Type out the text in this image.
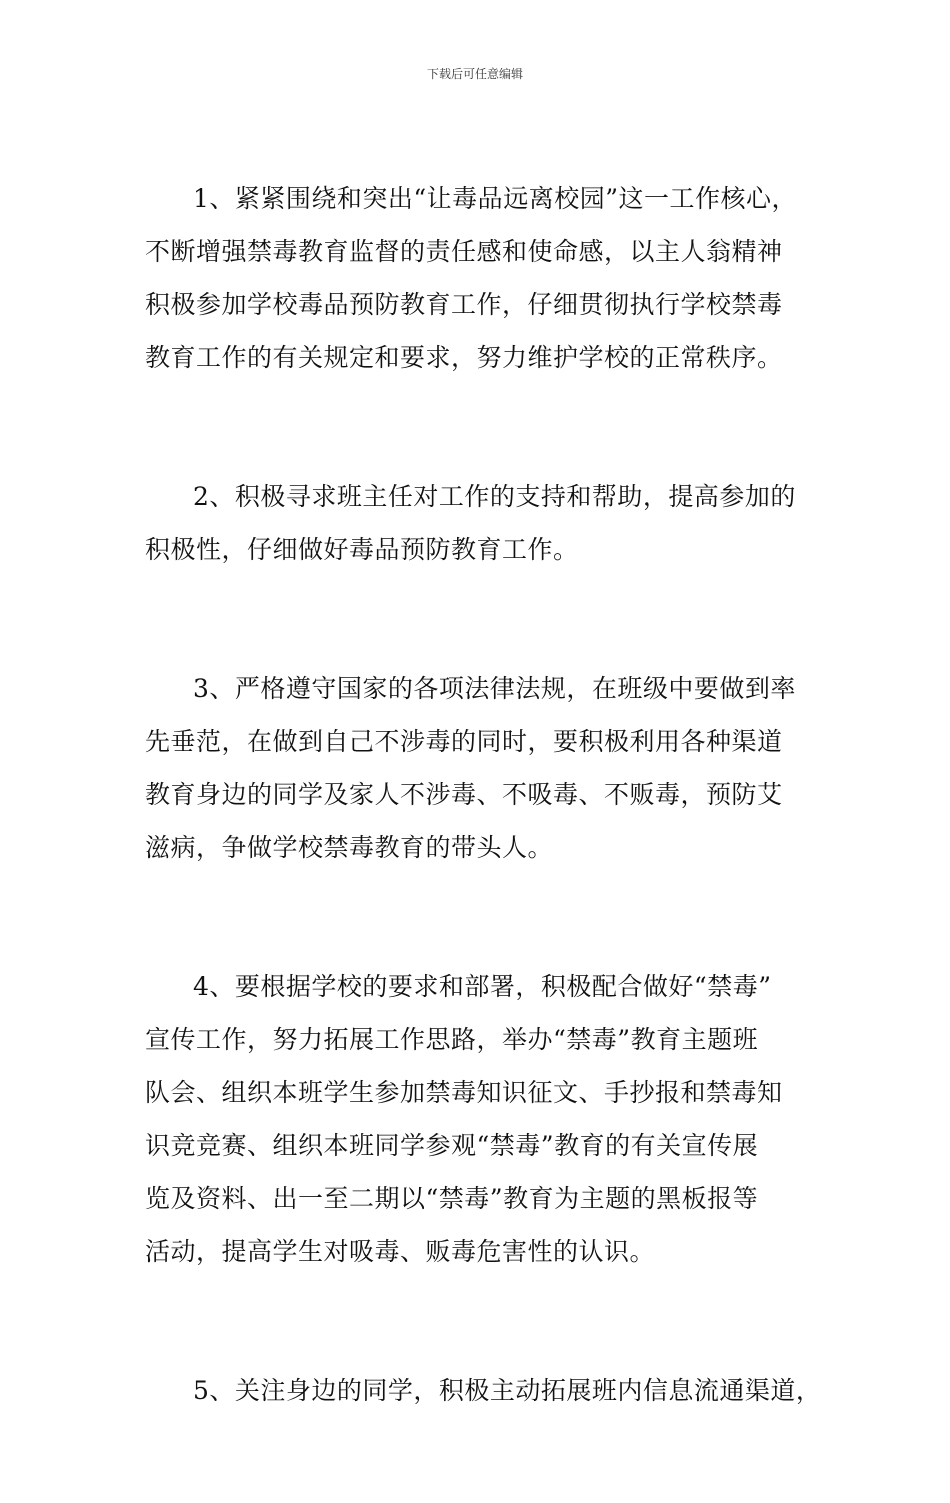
下载后可任意编辑
1、紧紧围绕和突出“让毒品远离校园”这一工作核心，
不断增强禁毒教育监督的责任感和使命感，以主人翁精神
积极参加学校毒品预防教育工作，仔细贯彻执行学校禁毒
教育工作的有关规定和要求，努力维护学校的正常秩序。
2、积极寻求班主任对工作的支持和帮助，提高参加的
积极性，仔细做好毒品预防教育工作。
3、严格遵守国家的各项法律法规，在班级中要做到率
先垂范，在做到自己不涉毒的同时，要积极利用各种渠道
教育身边的同学及家人不涉毒、不吸毒、不贩毒，预防艾
滋病，争做学校禁毒教育的带头人。
4、要根据学校的要求和部署，积极配合做好“禁毒”
宣传工作，努力拓展工作思路，举办“禁毒”教育主题班
队会、组织本班学生参加禁毒知识征文、手抄报和禁毒知
识竞竞赛、组织本班同学参观“禁毒”教育的有关宣传展
览及资料、出一至二期以“禁毒”教育为主题的黑板报等
活动，提高学生对吸毒、贩毒危害性的认识。
5、关注身边的同学，积极主动拓展班内信息流通渠道，
